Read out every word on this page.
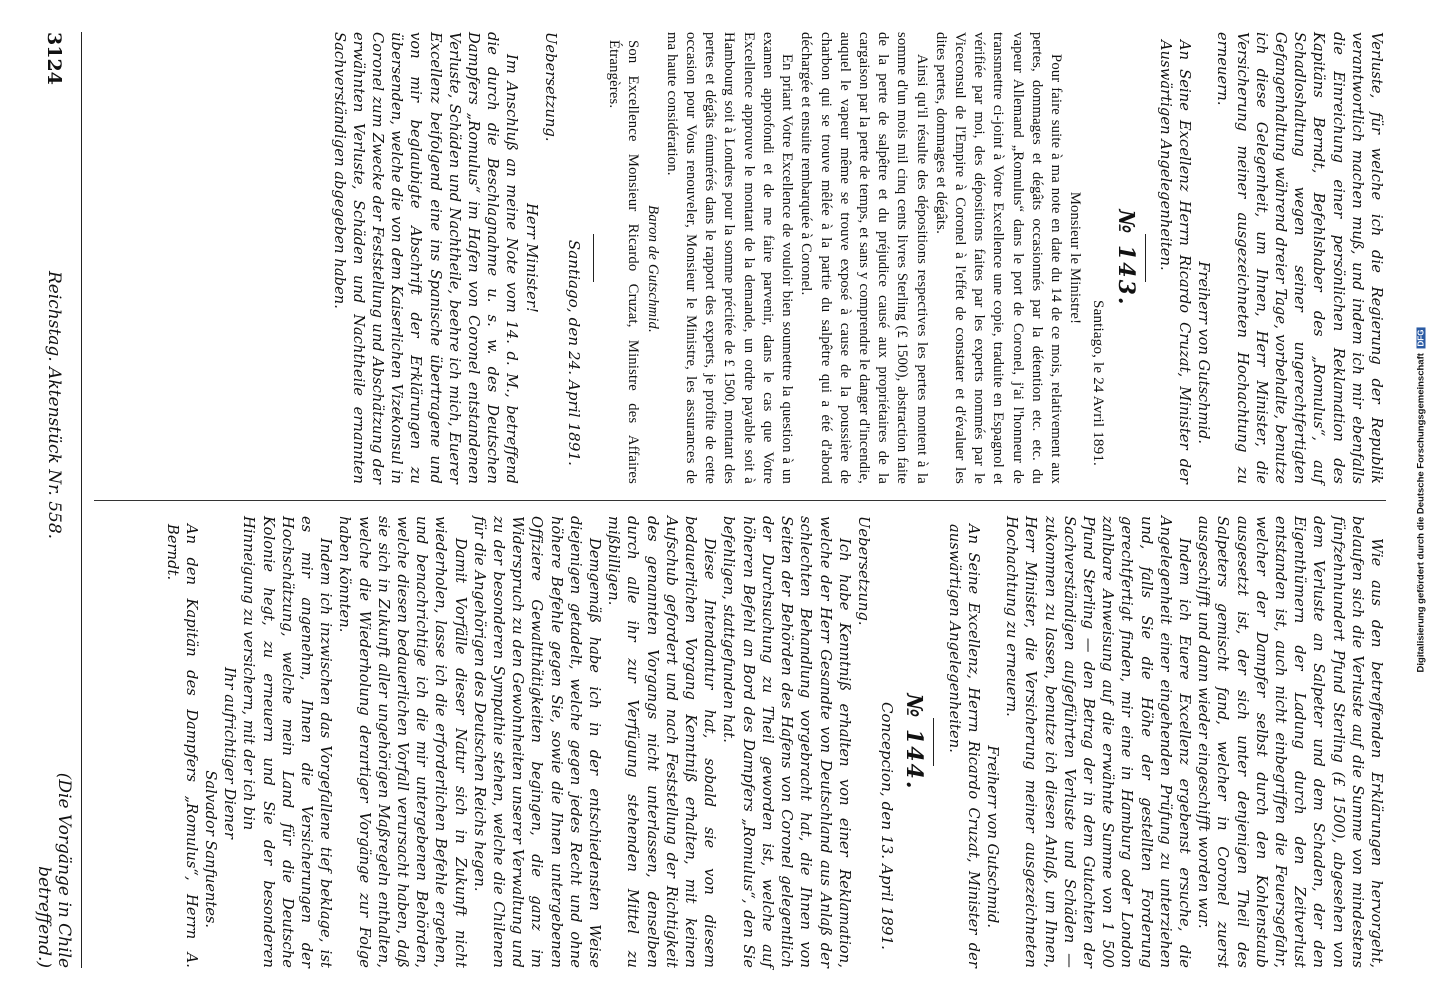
Verluste, für welche ich die Regierung der Republik verantwortlich machen muß, und indem ich mir ebenfalls die Einreichung einer persönlichen Reklamation des Kapitäns Berndt, Befehlshaber des „Romulus“, auf Schadloshaltung wegen seiner ungerechtfertigten Gefangenhaltung während dreier Tage, vorbehalte, benutze ich diese Gelegenheit, um Ihnen, Herr Minister, die Versicherung meiner ausgezeichneten Hochachtung zu erneuern.

Freiherr von Gutschmid.

An Seine Excellenz Herrn Ricardo Cruzat, Minister der Auswärtigen Angelegenheiten.

№ 143.
Santiago, le 24 Avril 1891.

Monsieur le Ministre!

Pour faire suite à ma note en date du 14 de ce mois, relativement aux pertes, dommages et dégâts occasionnés par la détention etc. etc. du vapeur Allemand „Romulus“ dans le port de Coronel, j'ai l'honneur de transmettre ci-joint à Votre Excellence une copie, traduite en Espagnol et vérifiée par moi, des dépositions faites par les experts nommés par le Viceconsul de l'Empire à Coronel à l'effet de constater et d'évaluer les dites pertes, dommages et dégâts.

Ainsi qu'il résulte des dépositions respectives les pertes montent à la somme d'un mois mil cinq cents livres Sterling (£ 1500), abstraction faite de la perte de salpêtre et du préjudice causé aux propriétaires de la cargaison par la perte de temps, et sans y comprendre le danger d'incendie, auquel le vapeur même se trouve exposé à cause de la poussière de charbon qui se trouve mêlée à la partie du salpêtre qui a été d'abord déchargée et ensuite rembarquée à Coronel.

En priant Votre Excellence de vouloir bien soumettre la question à un examen approfondi et de me faire parvenir, dans le cas que Votre Excellence approuve le montant de la demande, un ordre payable soit à Hambourg soit à Londres pour la somme précitée de £ 1500, montant des pertes et dégâts énumérés dans le rapport des experts, je profite de cette occasion pour Vous renouveler, Monsieur le Ministre, les assurances de ma haute considération.

Baron de Gutschmid.

Son Excellence Monsieur Ricardo Cruzat, Ministre des Affaires Étrangères.

Santiago, den 24. April 1891.

Uebersetzung.

Herr Minister!

Im Anschluß an meine Note vom 14. d. M., betreffend die durch die Beschlagnahme u. s. w. des Deutschen Dampfers „Romulus“ im Hafen von Coronel entstandenen Verluste, Schäden und Nachtheile, beehre ich mich, Euerer Excellenz beifolgend eine ins Spanische übertragene und von mir beglaubigte Abschrift der Erklärungen zu übersenden, welche die von dem Kaiserlichen Vizekonsul in Coronel zum Zwecke der Feststellung und Abschätzung der erwähnten Verluste, Schäden und Nachtheile ernannten Sachverständigen abgegeben haben.

Wie aus den betreffenden Erklärungen hervorgeht, belaufen sich die Verluste auf die Summe von mindestens fünfzehnhundert Pfund Sterling (£ 1500), abgesehen von dem Verluste an Salpeter und dem Schaden, der den Eigenthümern der Ladung durch den Zeitverlust entstanden ist, auch nicht einbegriffen die Feuersgefahr, welcher der Dampfer selbst durch den Kohlenstaub ausgesetzt ist, der sich unter denjenigen Theil des Salpeters gemischt fand, welcher in Coronel zuerst ausgeschifft und dann wieder eingeschifft worden war.

Indem ich Euere Excellenz ergebenst ersuche, die Angelegenheit einer eingehenden Prüfung zu unterziehen und, falls Sie die Höhe der gestellten Forderung gerechtfertigt finden, mir eine in Hamburg oder London zahlbare Anweisung auf die erwähnte Summe von 1 500 Pfund Sterling — den Betrag der in dem Gutachten der Sachverständigen aufgeführten Verluste und Schäden — zukommen zu lassen, benutze ich diesen Anlaß, um Ihnen, Herr Minister, die Versicherung meiner ausgezeichneten Hochachtung zu erneuern.

Freiherr von Gutschmid.

An Seine Excellenz, Herrn Ricardo Cruzat, Minister der auswärtigen Angelegenheiten.

№ 144.
Concepcion, den 13. April 1891.

Uebersetzung.

Ich habe Kenntniß erhalten von einer Reklamation, welche der Herr Gesandte von Deutschland aus Anlaß der schlechten Behandlung vorgebracht hat, die Ihnen von Seiten der Behörden des Hafens von Coronel gelegentlich der Durchsuchung zu Theil geworden ist, welche auf höheren Befehl an Bord des Dampfers „Romulus“, den Sie befehligen, stattgefunden hat.

Diese Intendantur hat, sobald sie von diesem bedauerlichen Vorgang Kenntniß erhalten, mit keinen Aufschub gefordert und nach Feststellung der Richtigkeit des genannten Vorgangs nicht unterlassen, denselben durch alle ihr zur Verfügung stehenden Mittel zu mißbilligen.

Demgemäß habe ich in der entschiedensten Weise diejenigen getadelt, welche gegen jedes Recht und ohne höhere Befehle gegen Sie, sowie die Ihnen untergebenen Offiziere Gewaltthätigkeiten begingen, die ganz im Widerspruch zu den Gewohnheiten unserer Verwaltung und zu der besonderen Sympathie stehen, welche die Chilenen für die Angehörigen des Deutschen Reichs hegen.

Damit Vorfälle dieser Natur sich in Zukunft nicht wiederholen, lasse ich die erforderlichen Befehle ergehen, und benachrichtige ich die mir untergebenen Behörden, welche diesen bedauerlichen Vorfall verursacht haben, daß sie sich in Zukunft aller ungehörigen Maßregeln enthalten, welche die Wiederholung derartiger Vorgänge zur Folge haben könnten.

Indem ich inzwischen das Vorgefallene tief beklage, ist es mir angenehm, Ihnen die Versicherungen der Hochschätzung, welche mein Land für die Deutsche Kolonie hegt, zu erneuern und Sie der besonderen Hinneigung zu versichern, mit der ich bin

Ihr aufrichtiger Diener

Salvador Sanfuentes.

An den Kapitän des Dampfers „Romulus“, Herrn A. Berndt.

3124
Reichstag. Aktenstück Nr. 558.
(Die Vorgänge in Chile betreffend.)
Digitalisierung gefördert durch die Deutsche Forschungsgemeinschaft DFG
